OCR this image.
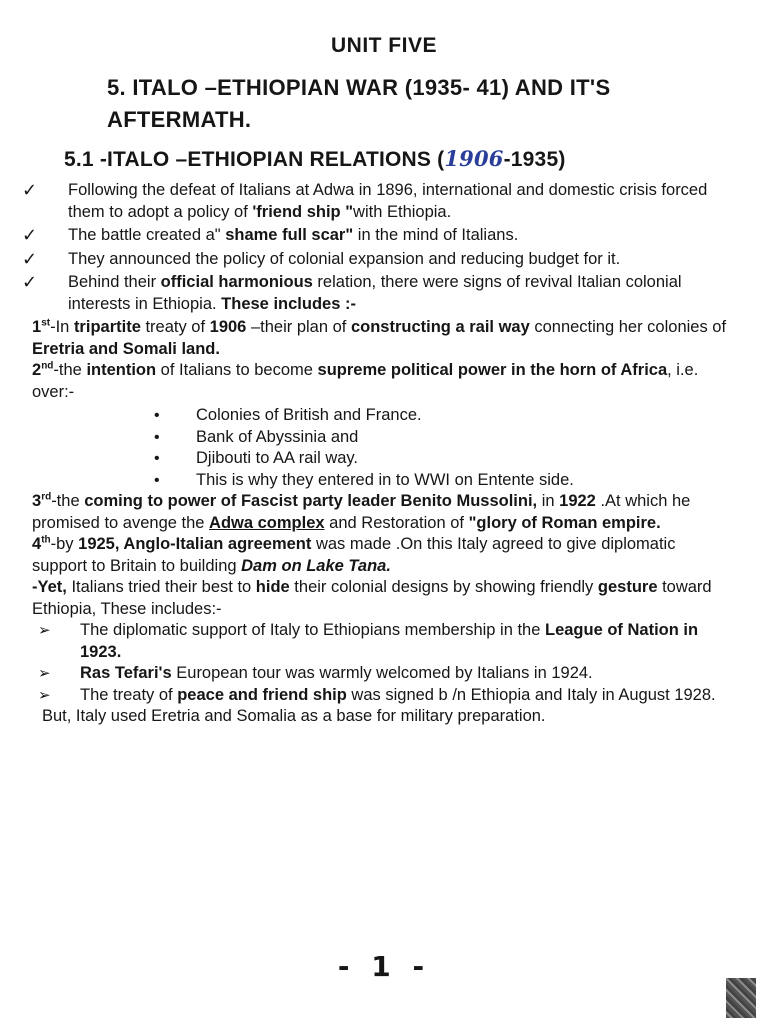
UNIT FIVE
5. ITALO –ETHIOPIAN WAR (1935- 41) AND IT'S AFTERMATH.
5.1 -ITALO –ETHIOPIAN RELATIONS (1906-1935)
✓ Following the defeat of Italians at Adwa in 1896, international and domestic crisis forced them to adopt a policy of 'friend ship "with Ethiopia.
✓ The battle created a" shame full scar" in the mind of Italians.
✓ They announced the policy of colonial expansion and reducing budget for it.
✓ Behind their official harmonious relation, there were signs of revival Italian colonial interests in Ethiopia. These includes :-
1st-In tripartite treaty of 1906 –their plan of constructing a rail way connecting her colonies of Eretria and Somali land.
2nd-the intention of Italians to become supreme political power in the horn of Africa, i.e. over:-
• Colonies of British and France.
• Bank of Abyssinia and
• Djibouti to AA rail way.
• This is why they entered in to WWI on Entente side.
3rd-the coming to power of Fascist party leader Benito Mussolini, in 1922 .At which he promised to avenge the Adwa complex and Restoration of "glory of Roman empire.
4th-by 1925, Anglo-Italian agreement was made .On this Italy agreed to give diplomatic support to Britain to building Dam on Lake Tana.
-Yet, Italians tried their best to hide their colonial designs by showing friendly gesture toward Ethiopia, These includes:-
➢ The diplomatic support of Italy to Ethiopians membership in the League of Nation in 1923.
➢ Ras Tefari's European tour was warmly welcomed by Italians in 1924.
➢ The treaty of peace and friend ship was signed b /n Ethiopia and Italy in August 1928.
But, Italy used Eretria and Somalia as a base for military preparation.
- 1 -
